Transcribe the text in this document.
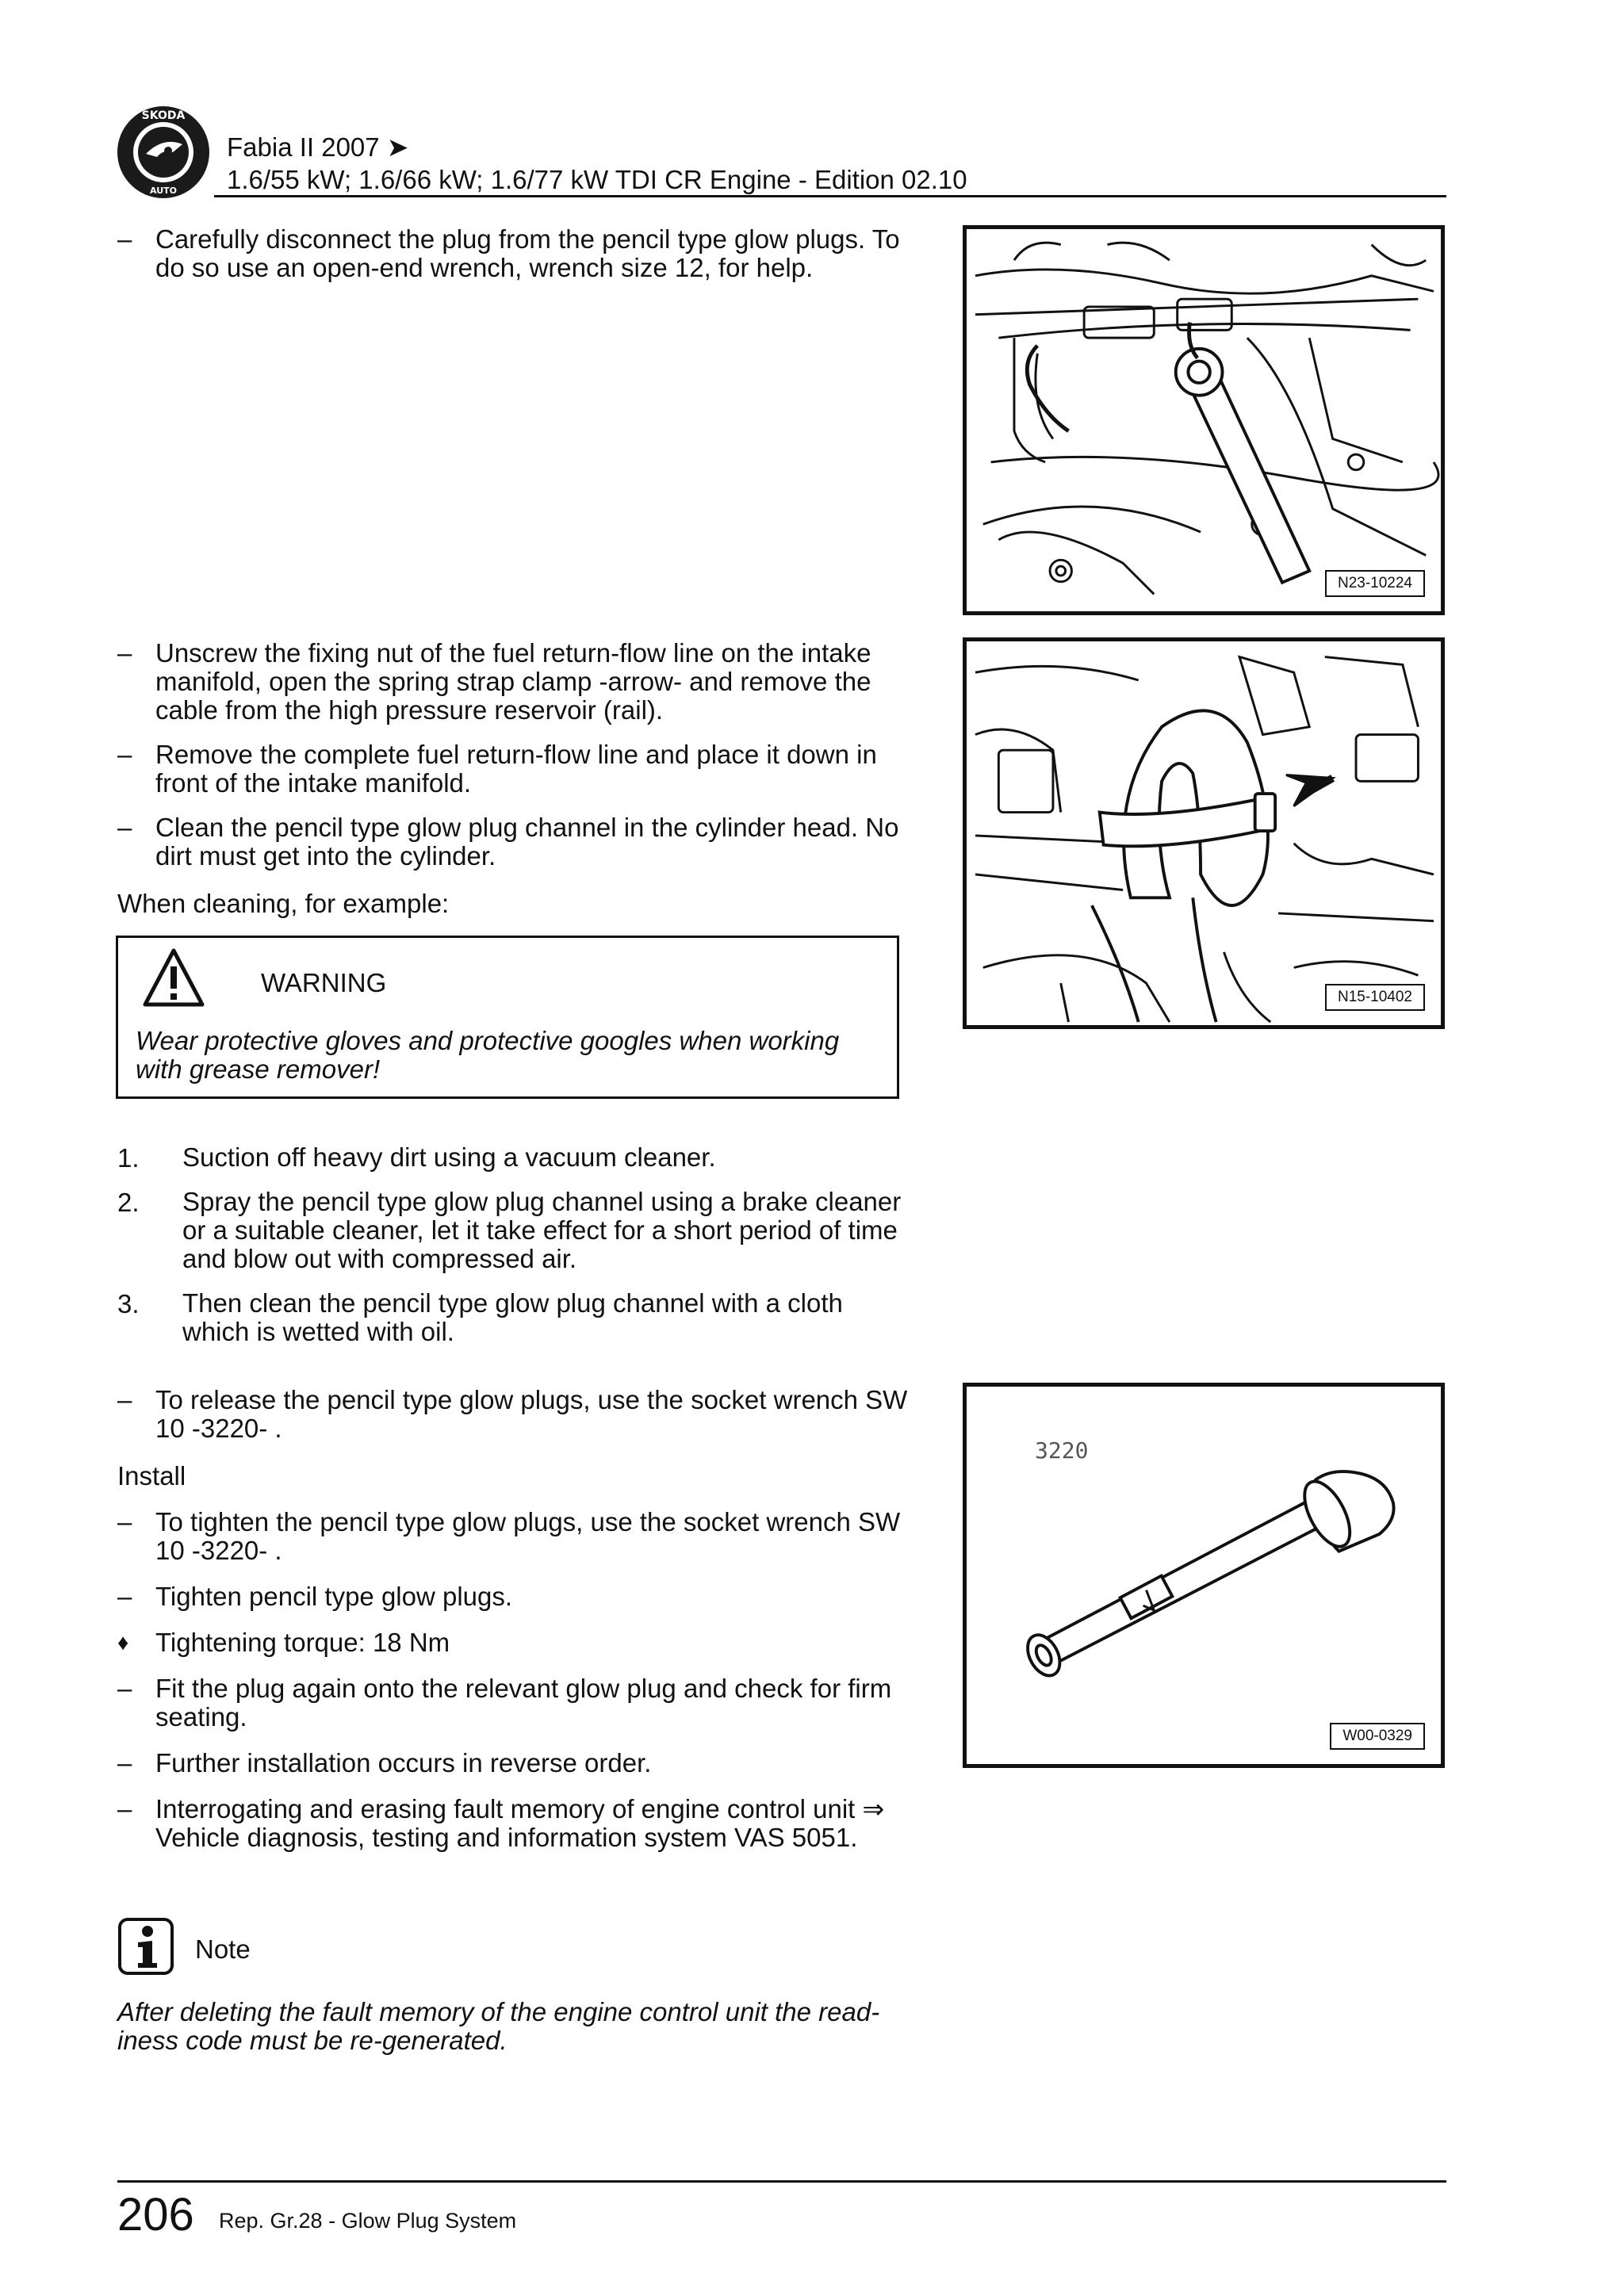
SKODA
AUTO
Fabia II 2007 ➤
1.6/55 kW; 1.6/66 kW; 1.6/77 kW TDI CR Engine - Edition 02.10
– Carefully disconnect the plug from the pencil type glow plugs. To do so use an open-end wrench, wrench size 12, for help.
– Unscrew the fixing nut of the fuel return-flow line on the intake manifold, open the spring strap clamp -arrow- and remove the cable from the high pressure reservoir (rail).
– Remove the complete fuel return-flow line and place it down in front of the intake manifold.
– Clean the pencil type glow plug channel in the cylinder head. No dirt must get into the cylinder.
When cleaning, for example:
WARNING
Wear protective gloves and protective googles when working with grease remover!
1. Suction off heavy dirt using a vacuum cleaner.
2. Spray the pencil type glow plug channel using a brake cleaner or a suitable cleaner, let it take effect for a short period of time and blow out with compressed air.
3. Then clean the pencil type glow plug channel with a cloth which is wetted with oil.
– To release the pencil type glow plugs, use the socket wrench SW 10 -3220- .
Install
– To tighten the pencil type glow plugs, use the socket wrench SW 10 -3220- .
– Tighten pencil type glow plugs.
♦ Tightening torque: 18 Nm
– Fit the plug again onto the relevant glow plug and check for firm seating.
– Further installation occurs in reverse order.
– Interrogating and erasing fault memory of engine control unit ⇒ Vehicle diagnosis, testing and information system VAS 5051.
Note
After deleting the fault memory of the engine control unit the read-iness code must be re-generated.
N23-10224
N15-10402
3220
W00-0329
206 Rep. Gr.28 - Glow Plug System
